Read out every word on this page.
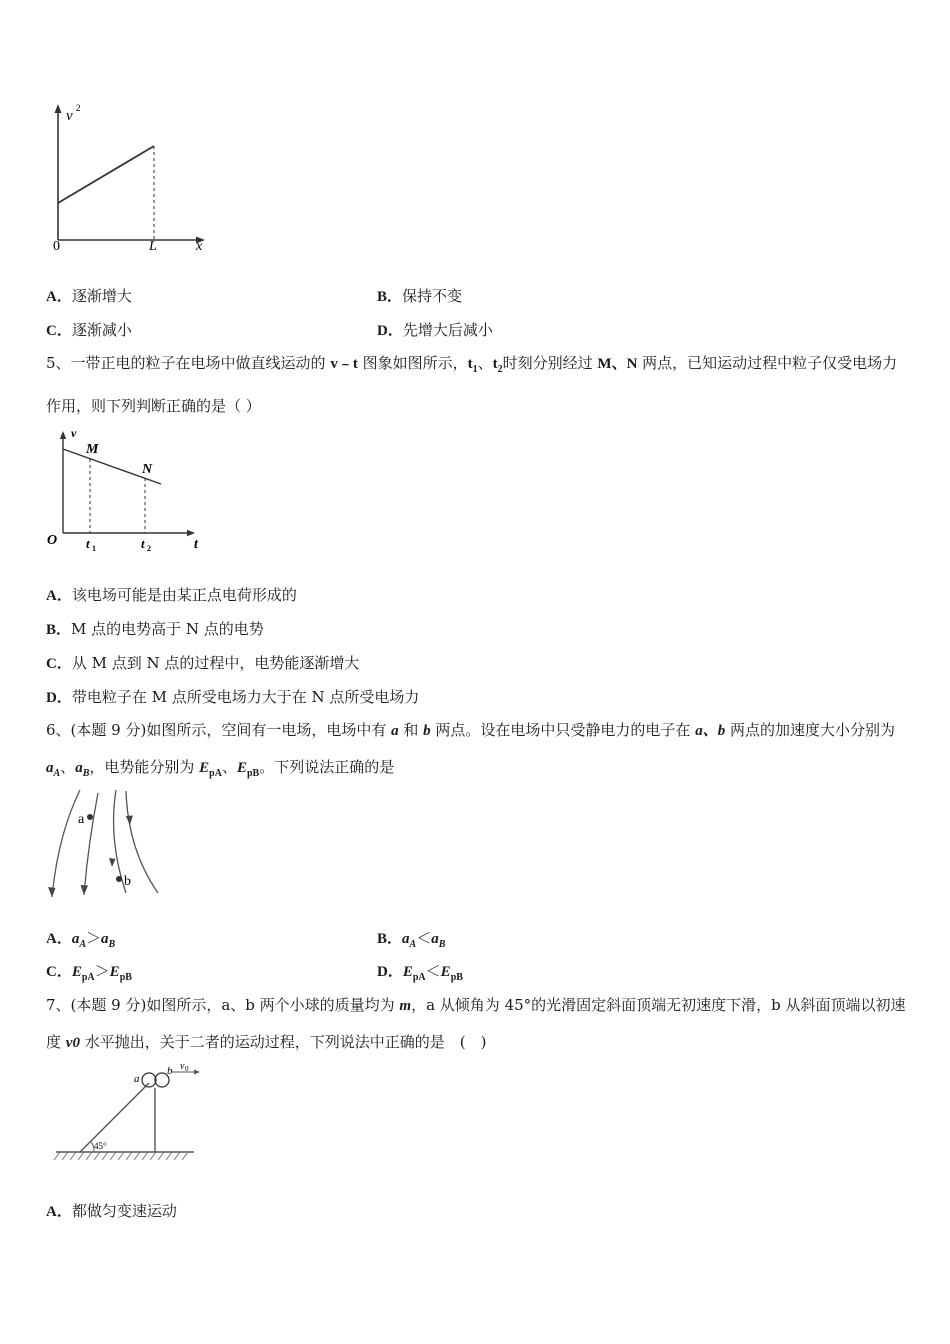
v 2
0	L	x
A．逐渐增大	B．保持不变
C．逐渐减小	D．先增大后减小
5、一带正电的粒子在电场中做直线运动的 v﹣t 图象如图所示，$t_1$、$t_2$时刻分别经过 M、N 两点，已知运动过程中粒子仅受电场力作用，则下列判断正确的是（ ）
v
M
N
O t 1	t 2	t
A．该电场可能是由某正点电荷形成的
B．M 点的电势高于 N 点的电势
C．从 M 点到 N 点的过程中，电势能逐渐增大
D．带电粒子在 M 点所受电场力大于在 N 点所受电场力
6、(本题 9 分)如图所示，空间有一电场，电场中有 a 和 b 两点。设在电场中只受静电力的电子在 a、b 两点的加速度大小分别为 $a_A$、$a_B$，电势能分别为 $E_{pA}$、$E_{pB}$。下列说法正确的是
a
b
A．$a_A>a_B$	B．$a_A<a_B$
C．$E_{pA}>E_{pB}$	D．$E_{pA}<E_{pB}$
7、(本题 9 分)如图所示，a、b 两个小球的质量均为 m，a 从倾角为 45°的光滑固定斜面顶端无初速度下滑，b 从斜面顶端以初速度 v0 水平抛出，关于二者的运动过程，下列说法中正确的是　(　)
a
b v 0
45°
A．都做匀变速运动
